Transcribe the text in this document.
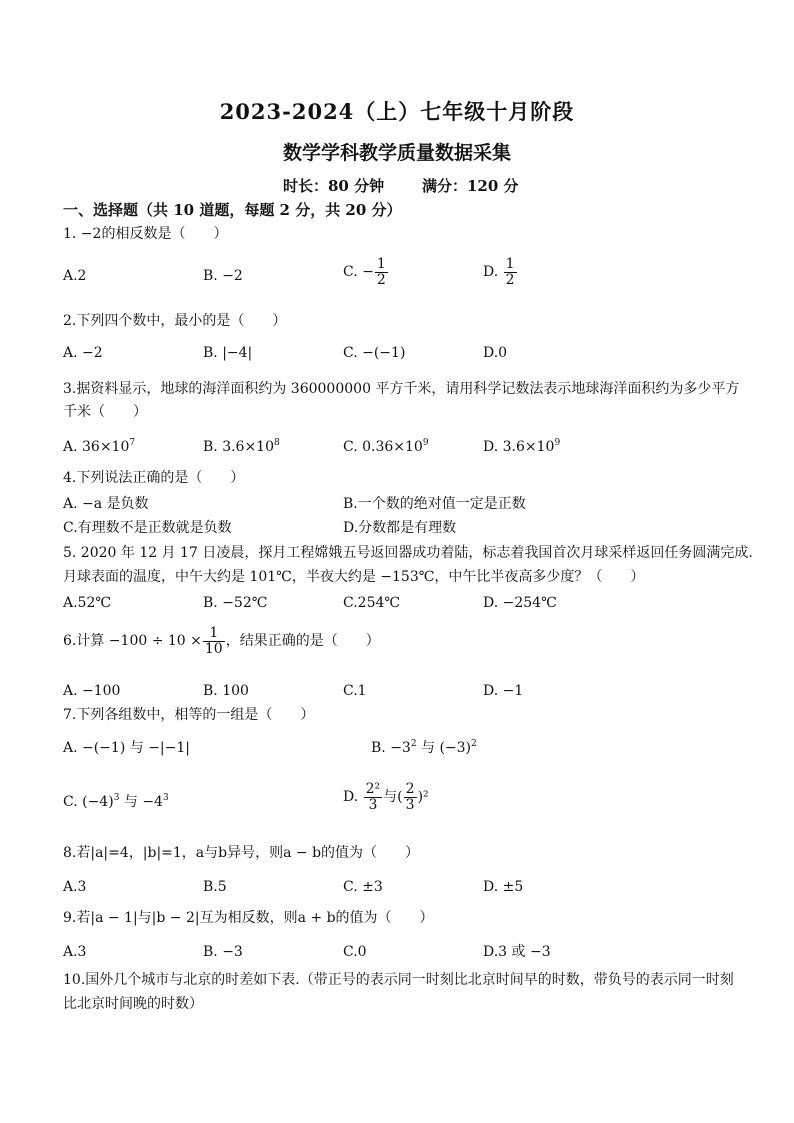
2023-2024（上）七年级十月阶段
数学学科教学质量数据采集
时长：80 分钟	满分：120 分
一、选择题（共 10 道题，每题 2 分，共 20 分）
1. −2的相反数是（　　）
A.2	B. −2	C. − $\frac{1}{2}$	D. $\frac{1}{2}$
2.下列四个数中，最小的是（　　）
A. −2	B. |−4|	C. −(−1)	D.0
3.据资料显示，地球的海洋面积约为 360000000 平方千米，请用科学记数法表示地球海洋面积约为多少平方
千米（　　）
A. $36\times 10^7$	B. $3.6\times 10^8$	C. $0.36\times 10^9$	D. $3.6\times 10^9$
4.下列说法正确的是（　　）
A. −a 是负数	B.一个数的绝对值一定是正数
C.有理数不是正数就是负数	D.分数都是有理数
5. 2020 年 12 月 17 日凌晨，探月工程嫦娥五号返回器成功着陆，标志着我国首次月球采样返回任务圆满完成.
月球表面的温度，中午大约是 101℃，半夜大约是 −153℃，中午比半夜高多少度？（　　）
A.52℃	B. −52℃	C.254℃	D. −254℃
6.计算 $-100 \div 10 \times \frac{1}{10}$ ，结果正确的是（　　）
A. −100	B. 100	C.1	D. −1
7.下列各组数中，相等的一组是（　　）
A. −(−1) 与 −|−1|	B. $-3^2$ 与 $(-3)^2$
C. $(-4)^3$ 与 $-4^3$	D. $\frac{\text{2²}}{3}$ 与( $\frac{2}{3} )^2$
8.若|a|=4，|b|=1，a与b异号，则a − b的值为（　　）
A.3	B.5	C. ±3	D. ±5
9.若|a − 1|与|b − 2|互为相反数，则a + b的值为（　　）
A.3	B. −3	C.0	D.3 或 −3
10.国外几个城市与北京的时差如下表.（带正号的表示同一时刻比北京时间早的时数，带负号的表示同一时刻
比北京时间晚的时数）
